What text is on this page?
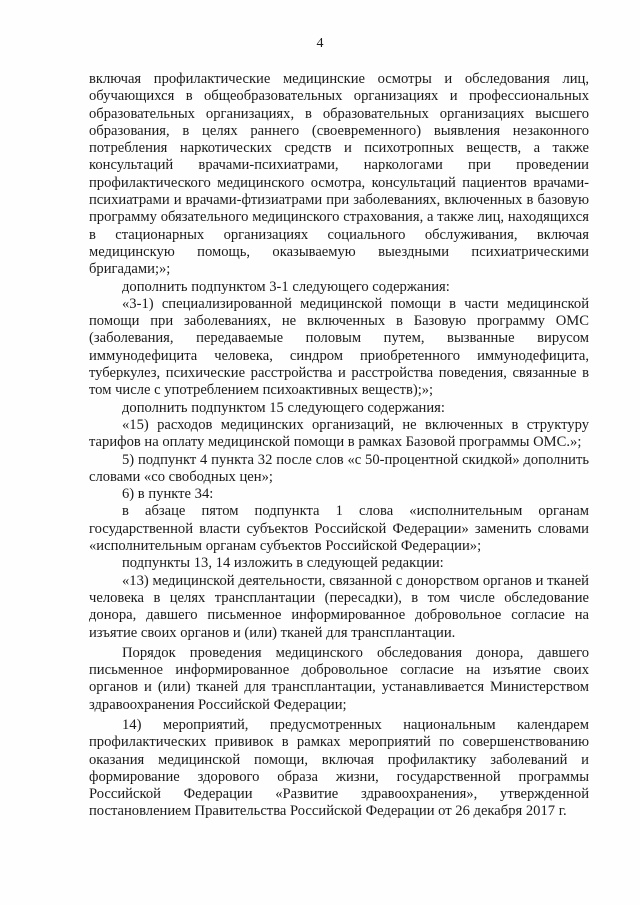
4

включая профилактические медицинские осмотры и обследования лиц, обучающихся в общеобразовательных организациях и профессиональных образовательных организациях, в образовательных организациях высшего образования, в целях раннего (своевременного) выявления незаконного потребления наркотических средств и психотропных веществ, а также консультаций врачами-психиатрами, наркологами при проведении профилактического медицинского осмотра, консультаций пациентов врачами-психиатрами и врачами-фтизиатрами при заболеваниях, включенных в базовую программу обязательного медицинского страхования, а также лиц, находящихся в стационарных организациях социального обслуживания, включая медицинскую помощь, оказываемую выездными психиатрическими бригадами;»;

дополнить подпунктом 3-1 следующего содержания:

«3-1) специализированной медицинской помощи в части медицинской помощи при заболеваниях, не включенных в Базовую программу ОМС (заболевания, передаваемые половым путем, вызванные вирусом иммунодефицита человека, синдром приобретенного иммунодефицита, туберкулез, психические расстройства и расстройства поведения, связанные в том числе с употреблением психоактивных веществ);»;

дополнить подпунктом 15 следующего содержания:

«15) расходов медицинских организаций, не включенных в структуру тарифов на оплату медицинской помощи в рамках Базовой программы ОМС.»;

5) подпункт 4 пункта 32 после слов «с 50-процентной скидкой» дополнить словами «со свободных цен»;

6) в пункте 34:

в абзаце пятом подпункта 1 слова «исполнительным органам государственной власти субъектов Российской Федерации» заменить словами «исполнительным органам субъектов Российской Федерации»;

подпункты 13, 14 изложить в следующей редакции:

«13) медицинской деятельности, связанной с донорством органов и тканей человека в целях трансплантации (пересадки), в том числе обследование донора, давшего письменное информированное добровольное согласие на изъятие своих органов и (или) тканей для трансплантации.

Порядок проведения медицинского обследования донора, давшего письменное информированное добровольное согласие на изъятие своих органов и (или) тканей для трансплантации, устанавливается Министерством здравоохранения Российской Федерации;

14) мероприятий, предусмотренных национальным календарем профилактических прививок в рамках мероприятий по совершенствованию оказания медицинской помощи, включая профилактику заболеваний и формирование здорового образа жизни, государственной программы Российской Федерации «Развитие здравоохранения», утвержденной постановлением Правительства Российской Федерации от 26 декабря 2017 г.
